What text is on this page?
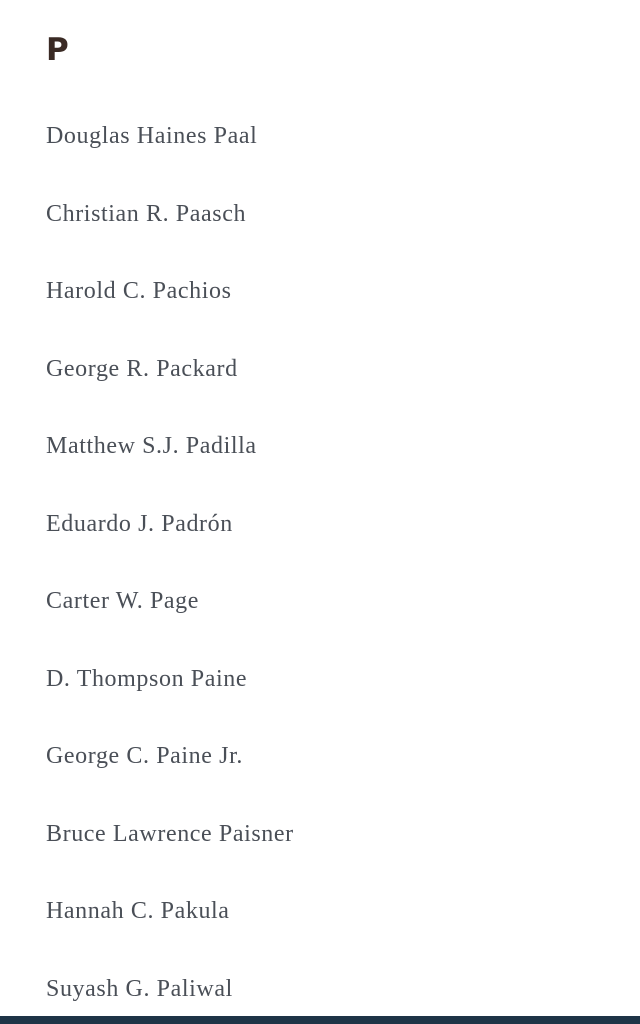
P
Douglas Haines Paal
Christian R. Paasch
Harold C. Pachios
George R. Packard
Matthew S.J. Padilla
Eduardo J. Padrón
Carter W. Page
D. Thompson Paine
George C. Paine Jr.
Bruce Lawrence Paisner
Hannah C. Pakula
Suyash G. Paliwal
